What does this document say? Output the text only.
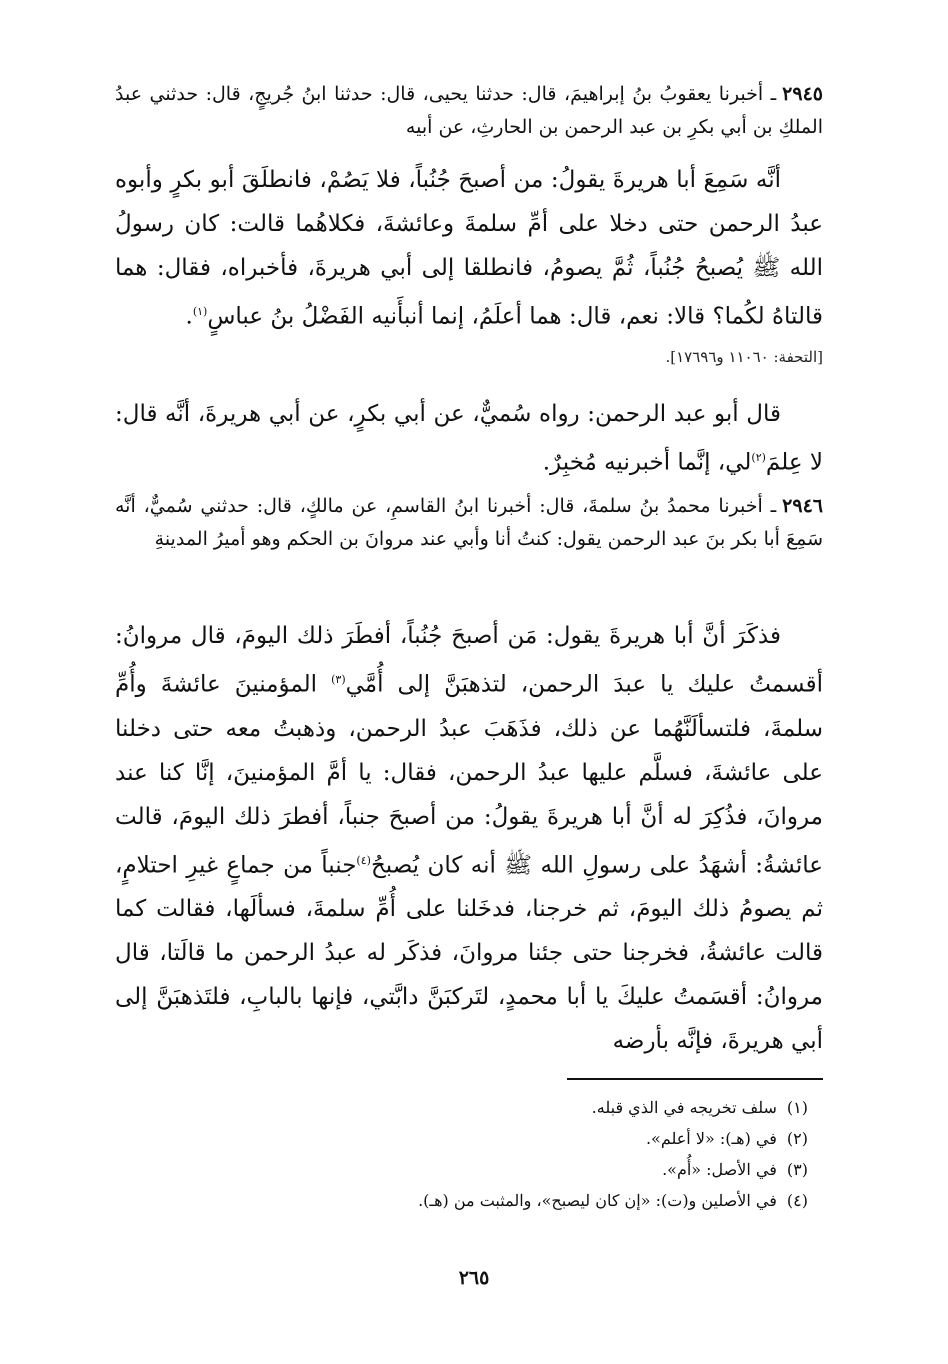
٢٩٤٥ـ أخبرنا يعقوبُ بنُ إبراهيمَ، قال: حدثنا يحيى، قال: حدثنا ابنُ جُريجٍ، قال: حدثني عبدُ الملكِ بن أبي بكرِ بن عبد الرحمن بن الحارثِ، عن أبيه
أنَّه سَمِعَ أبا هريرةَ يقولُ: من أصبحَ جُنُباً، فلا يَصُمْ، فانطلَقَ أبو بكرٍ وأبوه عبدُ الرحمن حتى دخلا على أمِّ سلمةَ وعائشةَ، فكلاهُما قالت: كان رسولُ الله ﷺ يُصبحُ جُنُباً، ثُمَّ يصومُ، فانطلقا إلى أبي هريرةَ، فأخبراه، فقال: هما قالتاهُ لكُما؟ قالا: نعم، قال: هما أعلَمُ، إنما أنبأَنيه الفَضْلُ بنُ عباسٍ$^{(١)}$.
[التحفة: ١١٠٦٠ و١٧٦٩٦].
قال أبو عبد الرحمن: رواه سُميٌّ، عن أبي بكرٍ، عن أبي هريرةَ، أنَّه قال: لا عِلمَ$^{(٢)}$لي، إنَّما أخبرنيه مُخبِرٌ.
٢٩٤٦ـ أخبرنا محمدُ بنُ سلمةَ، قال: أخبرنا ابنُ القاسمِ، عن مالكٍ، قال: حدثني سُميٌّ، أنَّه سَمِعَ أبا بكر بنَ عبد الرحمن يقول: كنتُ أنا وأبي عند مروانَ بن الحكم وهو أميرُ المدينةِ
فذكَرَ أنَّ أبا هريرةَ يقول: مَن أصبحَ جُنُباً، أفطَرَ ذلك اليومَ، قال مروانُ: أقسمتُ عليك يا عبدَ الرحمن، لتذهبَنَّ إلى أُمَّي$^{(٣)}$ المؤمنينَ عائشةَ وأُمِّ سلمةَ، فلتسألَنَّهُما عن ذلك، فذَهَبَ عبدُ الرحمن، وذهبتُ معه حتى دخلنا على عائشةَ، فسلَّم عليها عبدُ الرحمن، فقال: يا أمَّ المؤمنينَ، إنَّا كنا عند مروانَ، فذُكِرَ له أنَّ أبا هريرةَ يقولُ: من أصبحَ جنباً، أفطرَ ذلك اليومَ، قالت عائشةُ: أشهَدُ على رسولِ الله ﷺ أنه كان يُصبحُ$^{(٤)}$جنباً من جماعٍ غيرِ احتلامٍ، ثم يصومُ ذلك اليومَ، ثم خرجنا، فدخَلنا على أُمِّ سلمةَ، فسألَها، فقالت كما قالت عائشةُ، فخرجنا حتى جئنا مروانَ، فذكَر له عبدُ الرحمن ما قالَتا، قال مروانُ: أقسَمتُ عليكَ يا أبا محمدٍ، لتَركبَنَّ دابَّتي، فإنها بالبابِ، فلتَذهبَنَّ إلى أبي هريرةَ، فإنَّه بأرضه
(١)سلف تخريجه في الذي قبله.
(٢)في (هـ): «لا أعلم».
(٣)في الأصل: «أُم».
(٤)في الأصلين و(ت): «إن كان ليصبح»، والمثبت من (هـ).
٢٦٥
